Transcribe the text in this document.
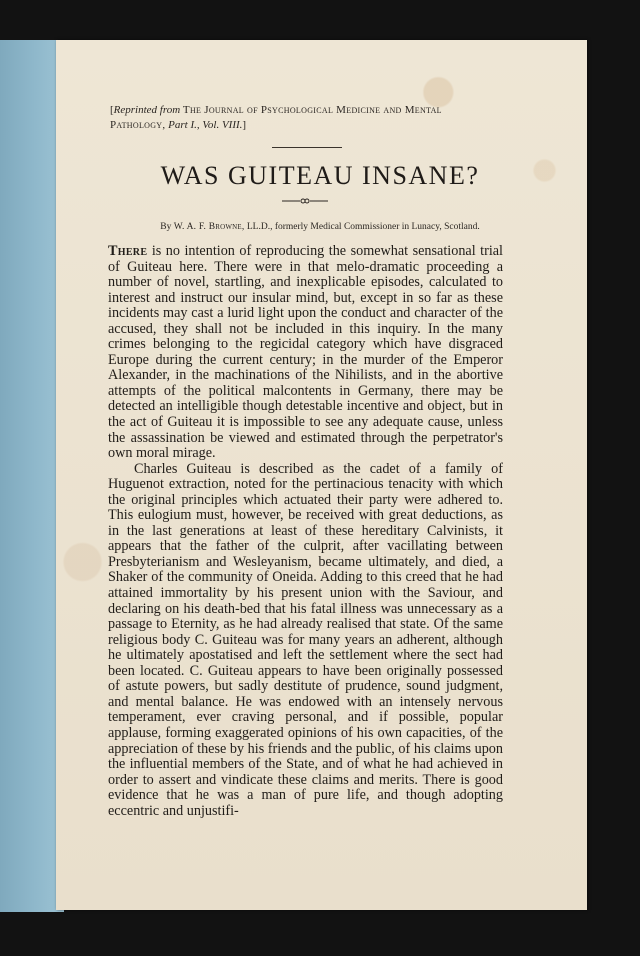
[Reprinted from The Journal of Psychological Medicine and Mental Pathology, Part I., Vol. VIII.]
WAS GUITEAU INSANE?
By W. A. F. Browne, LL.D., formerly Medical Commissioner in Lunacy, Scotland.

There is no intention of reproducing the somewhat sensational trial of Guiteau here. There were in that melo-dramatic proceeding a number of novel, startling, and inexplicable episodes, calculated to interest and instruct our insular mind, but, except in so far as these incidents may cast a lurid light upon the conduct and character of the accused, they shall not be included in this inquiry. In the many crimes belonging to the regicidal category which have disgraced Europe during the current century; in the murder of the Emperor Alexander, in the machinations of the Nihilists, and in the abortive attempts of the political malcontents in Germany, there may be detected an intelligible though detestable incentive and object, but in the act of Guiteau it is impossible to see any adequate cause, unless the assassination be viewed and estimated through the perpetrator's own moral mirage.

Charles Guiteau is described as the cadet of a family of Huguenot extraction, noted for the pertinacious tenacity with which the original principles which actuated their party were adhered to. This eulogium must, however, be received with great deductions, as in the last generations at least of these hereditary Calvinists, it appears that the father of the culprit, after vacillating between Presbyterianism and Wesleyanism, became ultimately, and died, a Shaker of the community of Oneida. Adding to this creed that he had attained immortality by his present union with the Saviour, and declaring on his death-bed that his fatal illness was unnecessary as a passage to Eternity, as he had already realised that state. Of the same religious body C. Guiteau was for many years an adherent, although he ultimately apostatised and left the settlement where the sect had been located. C. Guiteau appears to have been originally possessed of astute powers, but sadly destitute of prudence, sound judgment, and mental balance. He was endowed with an intensely nervous temperament, ever craving personal, and if possible, popular applause, forming exaggerated opinions of his own capacities, of the appreciation of these by his friends and the public, of his claims upon the influential members of the State, and of what he had achieved in order to assert and vindicate these claims and merits. There is good evidence that he was a man of pure life, and though adopting eccentric and unjustifi-
